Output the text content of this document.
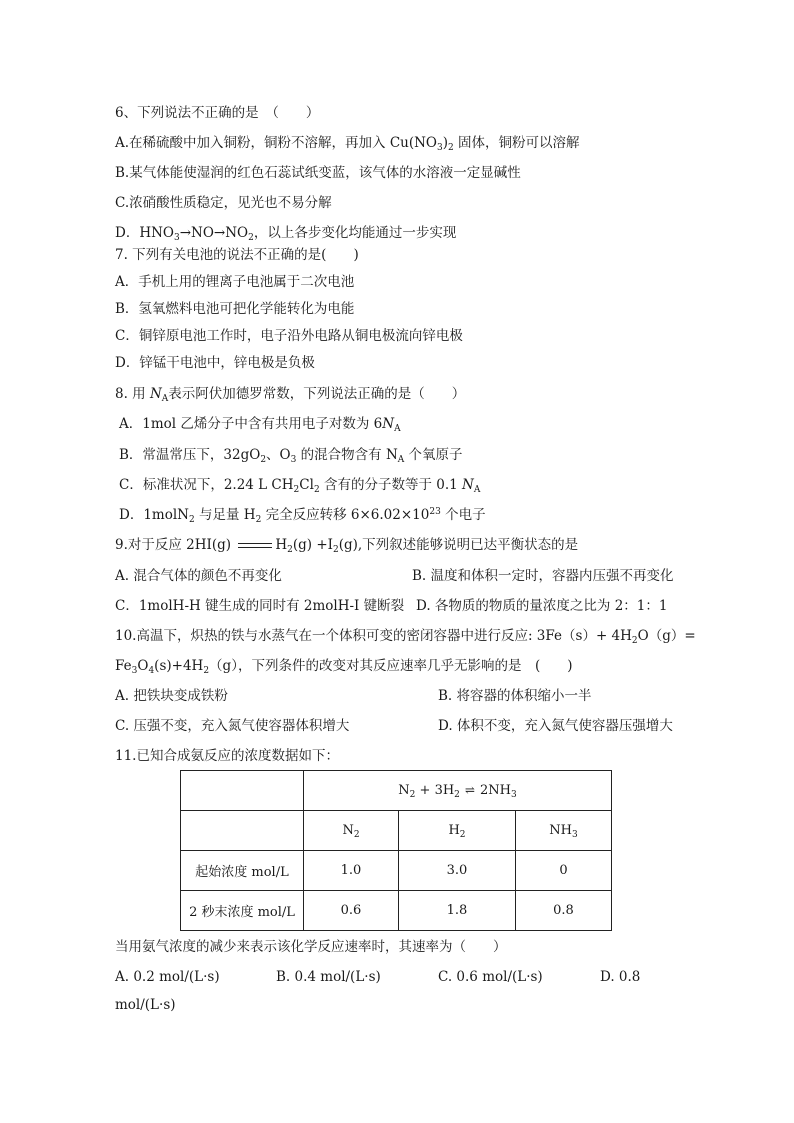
6、下列说法不正确的是　（　　）
A.在稀硫酸中加入铜粉，铜粉不溶解，再加入 $Cu(NO_3)_2$ 固体，铜粉可以溶解
B.某气体能使湿润的红色石蕊试纸变蓝，该气体的水溶液一定显碱性
C.浓硝酸性质稳定，见光也不易分解
D．$HNO_3\to NO\to NO_2$，以上各步变化均能通过一步实现
7. 下列有关电池的说法不正确的是(　　)
A．手机上用的锂离子电池属于二次电池
B．氢氧燃料电池可把化学能转化为电能
C．铜锌原电池工作时，电子沿外电路从铜电极流向锌电极
D．锌锰干电池中，锌电极是负极
8. 用 $N_A$表示阿伏加德罗常数，下列说法正确的是（　　）
A．1mol 乙烯分子中含有共用电子对数为 $6N_A$
B．常温常压下，$32gO_2$、$O_3$ 的混合物含有 $N_A$ 个氧原子
C．标准状况下，2.24 L $CH_2Cl_2$ 含有的分子数等于 0.1 $N_A$
D．1molN$_2$ 与足量 $H_2$ 完全反应转移 $6\times 6.02\times 10^{23}$ 个电子
9.对于反应 2HI(g)	$H_2(g) +I_2(g)$,下列叙述能够说明已达平衡状态的是
A. 混合气体的颜色不再变化	B. 温度和体积一定时，容器内压强不再变化
C．1molH-H 键生成的同时有 2molH-I 键断裂 D. 各物质的物质的量浓度之比为 2：1：1
10.高温下，炽热的铁与水蒸气在一个体积可变的密闭容器中进行反应: $3Fe(s)+ 4H_2O(g)=$
$Fe_3O_4(s)+4H_2(g)$，下列条件的改变对其反应速率几乎无影响的是　(　　)
A. 把铁块变成铁粉	B. 将容器的体积缩小一半
C. 压强不变，充入氮气使容器体积增大	D. 体积不变，充入氮气使容器压强增大
11.已知合成氨反应的浓度数据如下：
	$N_2 + 3H_2$ ⇌ $2NH_3$
	$N_2$	$H_2$	$NH_3$
起始浓度 mol/L	1.0	3.0	0
2 秒末浓度 mol/L	0.6	1.8	0.8
当用氨气浓度的减少来表示该化学反应速率时，其速率为（　　）
A. 0.2 mol/(L·s)	B. 0.4 mol/(L·s)	C. 0.6 mol/(L·s)	D. 0.8
mol/(L·s)
